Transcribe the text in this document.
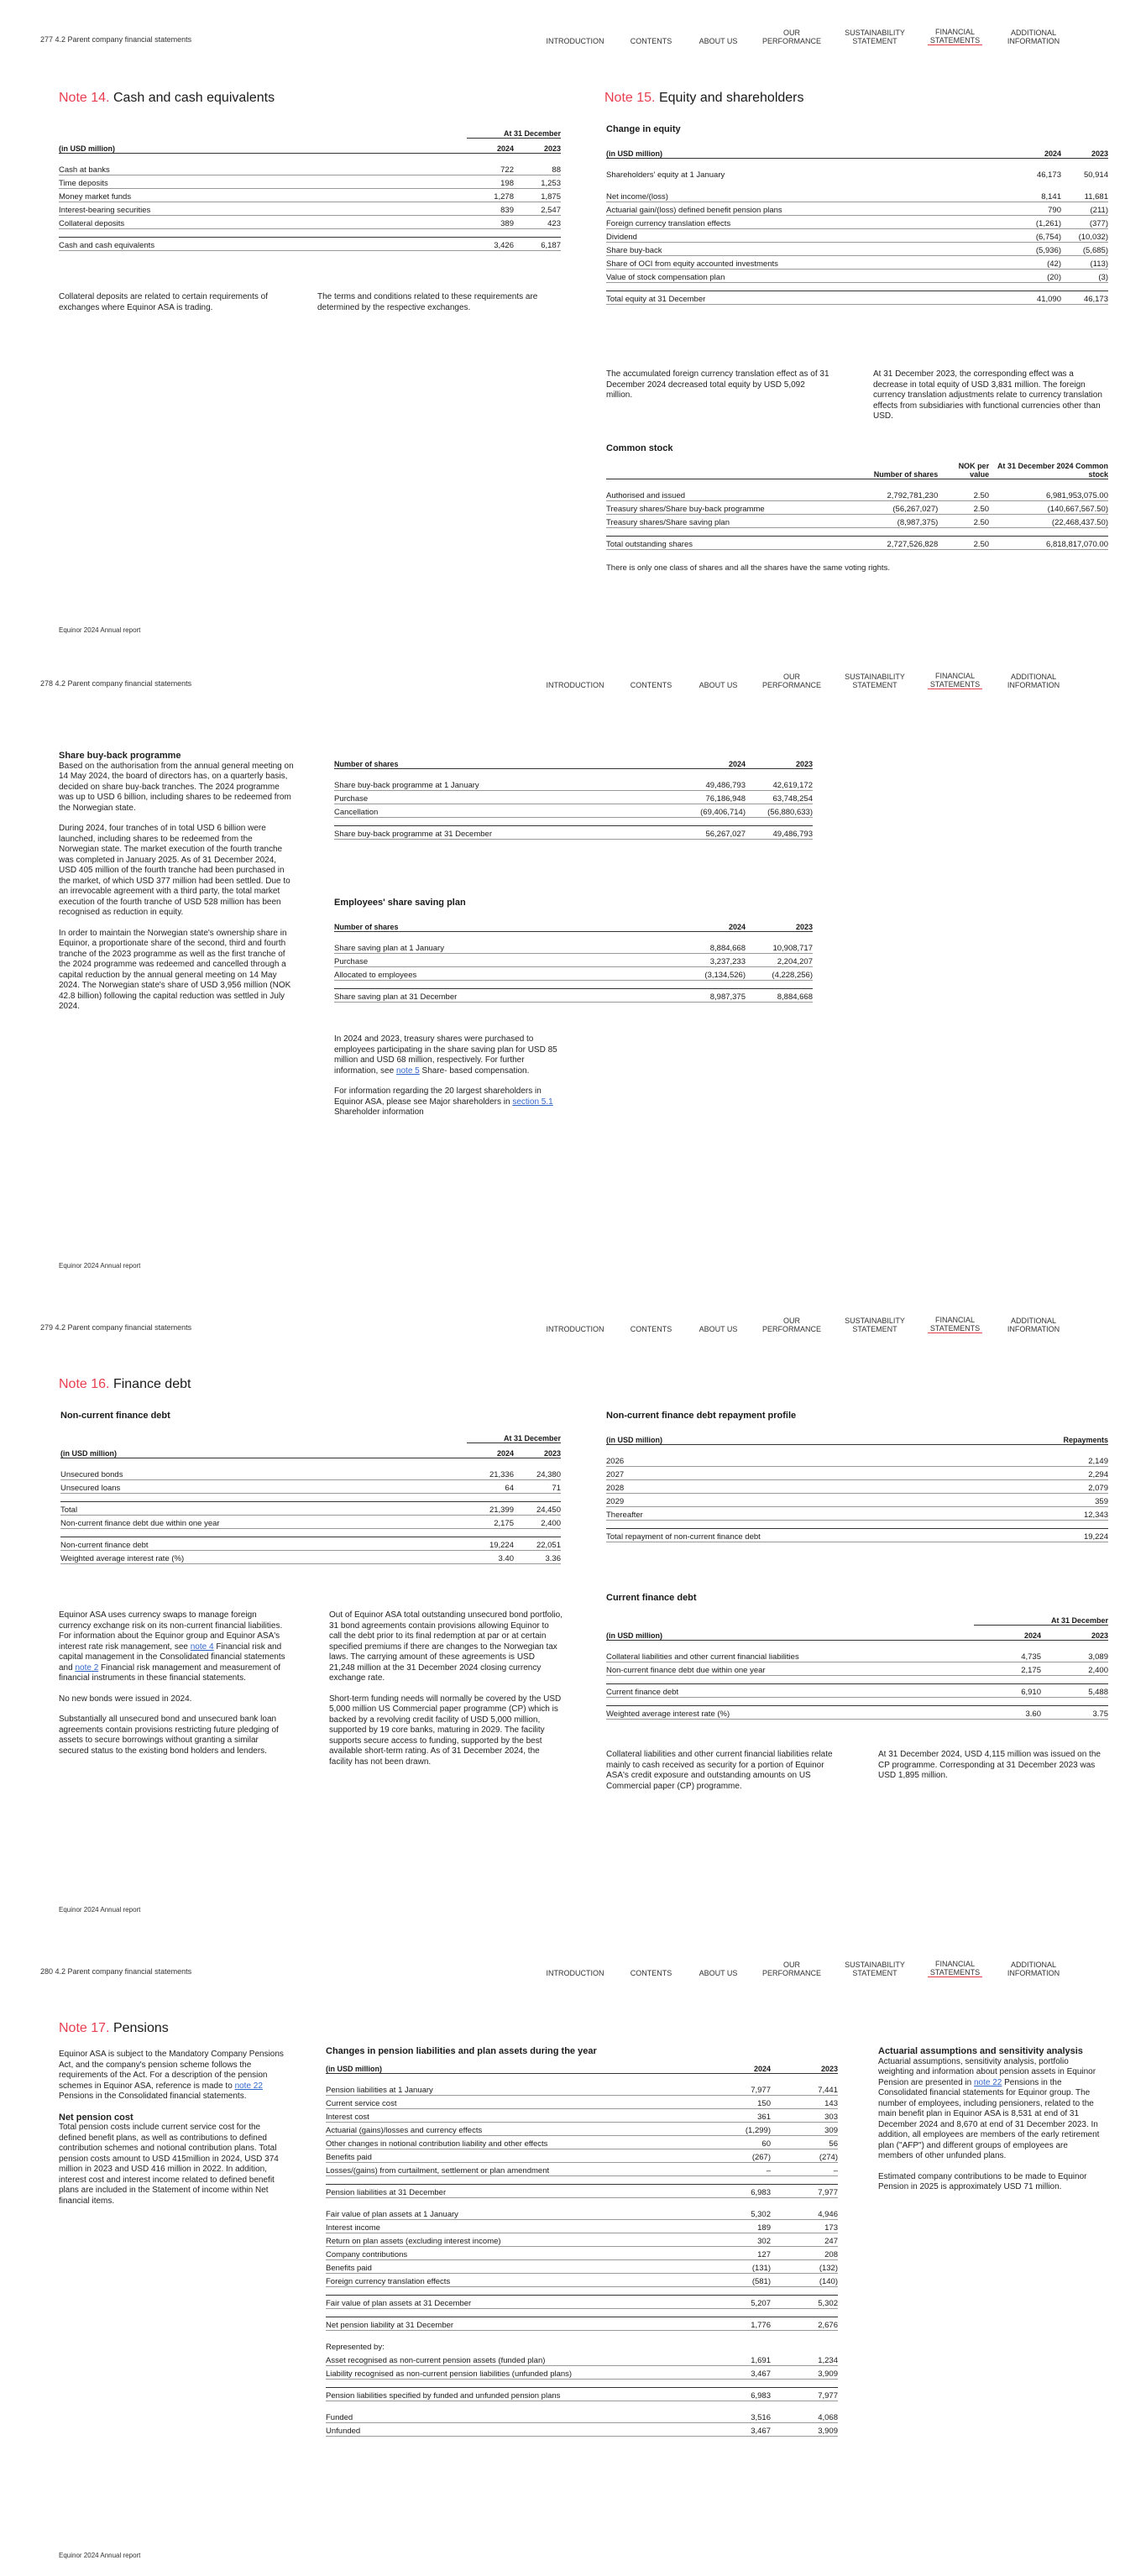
277 4.2 Parent company financial statements	INTRODUCTION	CONTENTS	ABOUT US
OUR PERFORMANCE
SUSTAINABILITY STATEMENT
FINANCIAL STATEMENTS
ADDITIONAL INFORMATION
Note 14. Cash and cash equivalents
	At 31 December	
(in USD million)	2024	2023

Cash at banks	722	88
Time deposits	198	1,253
Money market funds	1,278	1,875
Interest-bearing securities	839	2,547
Collateral deposits	389	423

Cash and cash equivalents	3,426	6,187
Collateral deposits are related to certain requirements of exchanges where Equinor ASA is trading.
The terms and conditions related to these requirements are determined by the respective exchanges.
Note 15. Equity and shareholders
Change in equity
(in USD million)	2024	2023

Shareholders' equity at 1 January	46,173	50,914

Net income/(loss)	8,141	11,681
Actuarial gain/(loss) defined benefit pension plans	790	(211)
Foreign currency translation effects	(1,261)	(377)
Dividend	(6,754)	(10,032)
Share buy-back	(5,936)	(5,685)
Share of OCI from equity accounted investments	(42)	(113)
Value of stock compensation plan	(20)	(3)

Total equity at 31 December	41,090	46,173
The accumulated foreign currency translation effect as of 31 December 2024 decreased total equity by USD 5,092 million.
At 31 December 2023, the corresponding effect was a decrease in total equity of USD 3,831 million. The foreign currency translation adjustments relate to currency translation effects from subsidiaries with functional currencies other than USD.
Common stock
	Number of shares	NOK per value	At 31 December 2024 Common stock

Authorised and issued	2,792,781,230	2.50	6,981,953,075.00
Treasury shares/Share buy-back programme	(56,267,027)	2.50	(140,667,567.50)
Treasury shares/Share saving plan	(8,987,375)	2.50	(22,468,437.50)

Total outstanding shares	2,727,526,828	2.50	6,818,817,070.00
There is only one class of shares and all the shares have the same voting rights.
Equinor 2024 Annual report
278 4.2 Parent company financial statements	INTRODUCTION	CONTENTS	ABOUT US
OUR PERFORMANCE
SUSTAINABILITY STATEMENT
FINANCIAL STATEMENTS
ADDITIONAL INFORMATION
Share buy-back programme

Based on the authorisation from the annual general meeting on 14 May 2024, the board of directors has, on a quarterly basis, decided on share buy-back tranches. The 2024 programme was up to USD 6 billion, including shares to be redeemed from the Norwegian state.

During 2024, four tranches of in total USD 6 billion were launched, including shares to be redeemed from the Norwegian state. The market execution of the fourth tranche was completed in January 2025. As of 31 December 2024, USD 405 million of the fourth tranche had been purchased in the market, of which USD 377 million had been settled. Due to an irrevocable agreement with a third party, the total market execution of the fourth tranche of USD 528 million has been recognised as reduction in equity.

In order to maintain the Norwegian state's ownership share in Equinor, a proportionate share of the second, third and fourth tranche of the 2023 programme as well as the first tranche of the 2024 programme was redeemed and cancelled through a capital reduction by the annual general meeting on 14 May 2024. The Norwegian state's share of USD 3,956 million (NOK 42.8 billion) following the capital reduction was settled in July 2024.

Number of shares	2024	2023

Share buy-back programme at 1 January	49,486,793	42,619,172
Purchase	76,186,948	63,748,254
Cancellation	(69,406,714)	(56,880,633)

Share buy-back programme at 31 December	56,267,027	49,486,793
Employees' share saving plan
Number of shares	2024	2023

Share saving plan at 1 January	8,884,668	10,908,717
Purchase	3,237,233	2,204,207
Allocated to employees	(3,134,526)	(4,228,256)

Share saving plan at 31 December	8,987,375	8,884,668

In 2024 and 2023, treasury shares were purchased to employees participating in the share saving plan for USD 85 million and USD 68 million, respectively. For further information, see note 5 Share- based compensation.

For information regarding the 20 largest shareholders in Equinor ASA, please see Major shareholders in section 5.1 Shareholder information

Equinor 2024 Annual report
279 4.2 Parent company financial statements	INTRODUCTION	CONTENTS	ABOUT US
OUR PERFORMANCE
SUSTAINABILITY STATEMENT
FINANCIAL STATEMENTS
ADDITIONAL INFORMATION
Note 16. Finance debt
Non-current finance debt
	At 31 December	
(in USD million)	2024	2023

Unsecured bonds	21,336	24,380
Unsecured loans	64	71

Total	21,399	24,450
Non-current finance debt due within one year	2,175	2,400

Non-current finance debt	19,224	22,051
Weighted average interest rate (%)	3.40	3.36

Equinor ASA uses currency swaps to manage foreign currency exchange risk on its non-current financial liabilities. For information about the Equinor group and Equinor ASA's interest rate risk management, see note 4 Financial risk and capital management in the Consolidated financial statements and note 2 Financial risk management and measurement of financial instruments in these financial statements.

No new bonds were issued in 2024.

Substantially all unsecured bond and unsecured bank loan agreements contain provisions restricting future pledging of assets to secure borrowings without granting a similar secured status to the existing bond holders and lenders.

Out of Equinor ASA total outstanding unsecured bond portfolio, 31 bond agreements contain provisions allowing Equinor to call the debt prior to its final redemption at par or at certain specified premiums if there are changes to the Norwegian tax laws. The carrying amount of these agreements is USD 21,248 million at the 31 December 2024 closing currency exchange rate.

Short-term funding needs will normally be covered by the USD 5,000 million US Commercial paper programme (CP) which is backed by a revolving credit facility of USD 5,000 million, supported by 19 core banks, maturing in 2029. The facility supports secure access to funding, supported by the best available short-term rating. As of 31 December 2024, the facility has not been drawn.

Non-current finance debt repayment profile
(in USD million)	Repayments

2026	2,149
2027	2,294
2028	2,079
2029	359
Thereafter	12,343

Total repayment of non-current finance debt	19,224
Current finance debt
	At 31 December	
(in USD million)	2024	2023

Collateral liabilities and other current financial liabilities	4,735	3,089
Non-current finance debt due within one year	2,175	2,400

Current finance debt	6,910	5,488

Weighted average interest rate (%)	3.60	3.75
Collateral liabilities and other current financial liabilities relate mainly to cash received as security for a portion of Equinor ASA's credit exposure and outstanding amounts on US Commercial paper (CP) programme.
At 31 December 2024, USD 4,115 million was issued on the CP programme. Corresponding at 31 December 2023 was USD 1,895 million.
Equinor 2024 Annual report
280 4.2 Parent company financial statements	INTRODUCTION	CONTENTS	ABOUT US
OUR PERFORMANCE
SUSTAINABILITY STATEMENT
FINANCIAL STATEMENTS
ADDITIONAL INFORMATION
Note 17. Pensions

Equinor ASA is subject to the Mandatory Company Pensions Act, and the company's pension scheme follows the requirements of the Act. For a description of the pension schemes in Equinor ASA, reference is made to note 22 Pensions in the Consolidated financial statements.

Net pension cost

Total pension costs include current service cost for the defined benefit plans, as well as contributions to defined contribution schemes and notional contribution plans. Total pension costs amount to USD 415million in 2024, USD 374 million in 2023 and USD 416 million in 2022. In addition, interest cost and interest income related to defined benefit plans are included in the Statement of income within Net financial items.

Changes in pension liabilities and plan assets during the year
(in USD million)	2024	2023

Pension liabilities at 1 January	7,977	7,441
Current service cost	150	143
Interest cost	361	303
Actuarial (gains)/losses and currency effects	(1,299)	309
Other changes in notional contribution liability and other effects	60	56
Benefits paid	(267)	(274)
Losses/(gains) from curtailment, settlement or plan amendment	–	–

Pension liabilities at 31 December	6,983	7,977

Fair value of plan assets at 1 January	5,302	4,946
Interest income	189	173
Return on plan assets (excluding interest income)	302	247
Company contributions	127	208
Benefits paid	(131)	(132)
Foreign currency translation effects	(581)	(140)

Fair value of plan assets at 31 December	5,207	5,302

Net pension liability at 31 December	1,776	2,676

Represented by:		
Asset recognised as non-current pension assets (funded plan)	1,691	1,234
Liability recognised as non-current pension liabilities (unfunded plans)	3,467	3,909

Pension liabilities specified by funded and unfunded pension plans	6,983	7,977

Funded	3,516	4,068
Unfunded	3,467	3,909
Actuarial assumptions and sensitivity analysis

Actuarial assumptions, sensitivity analysis, portfolio weighting and information about pension assets in Equinor Pension are presented in note 22 Pensions in the Consolidated financial statements for Equinor group. The number of employees, including pensioners, related to the main benefit plan in Equinor ASA is 8,531 at end of 31 December 2024 and 8,670 at end of 31 December 2023. In addition, all employees are members of the early retirement plan ("AFP") and different groups of employees are members of other unfunded plans.

Estimated company contributions to be made to Equinor Pension in 2025 is approximately USD 71 million.

Equinor 2024 Annual report
